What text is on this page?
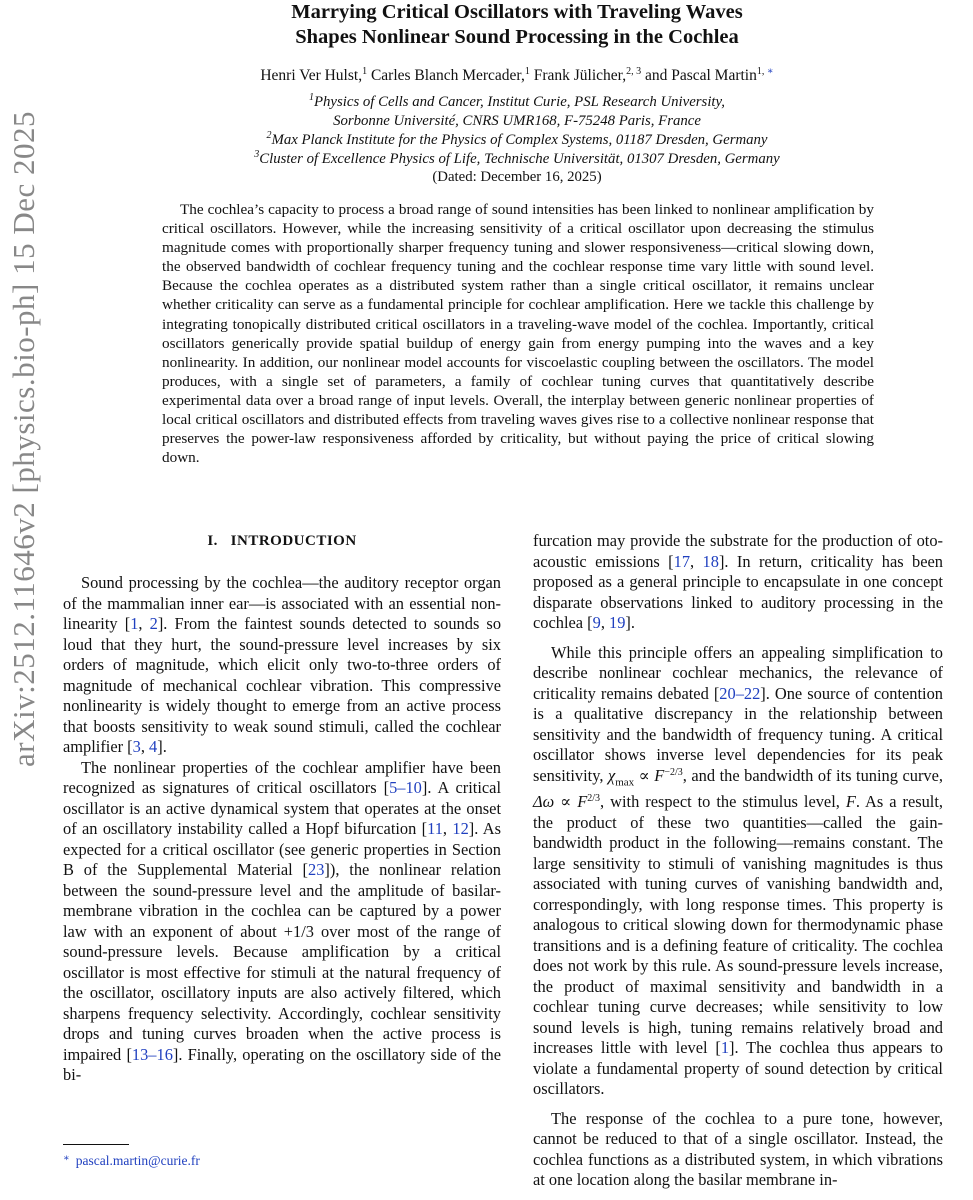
arXiv:2512.11646v2 [physics.bio-ph] 15 Dec 2025
Marrying Critical Oscillators with Traveling Waves
Shapes Nonlinear Sound Processing in the Cochlea
Henri Ver Hulst,$^1$ Carles Blanch Mercader,$^1$ Frank Jülicher,$^{2, 3}$ and Pascal Martin$^{1, ∗}$
$^1$Physics of Cells and Cancer, Institut Curie, PSL Research University,
Sorbonne Université, CNRS UMR168, F-75248 Paris, France
$^2$Max Planck Institute for the Physics of Complex Systems, 01187 Dresden, Germany
$^3$Cluster of Excellence Physics of Life, Technische Universität, 01307 Dresden, Germany
(Dated: December 16, 2025)
The cochlea’s capacity to process a broad range of sound intensities has been linked to nonlinear amplification by critical oscillators. However, while the increasing sensitivity of a critical oscillator upon decreasing the stimulus magnitude comes with proportionally sharper frequency tuning and slower responsiveness—critical slowing down, the observed bandwidth of cochlear frequency tuning and the cochlear response time vary little with sound level. Because the cochlea operates as a distributed system rather than a single critical oscillator, it remains unclear whether criticality can serve as a fundamental principle for cochlear amplification. Here we tackle this challenge by integrating tonopically distributed critical oscillators in a traveling-wave model of the cochlea. Importantly, critical oscillators generically provide spatial buildup of energy gain from energy pumping into the waves and a key nonlinearity. In addition, our nonlinear model accounts for viscoelastic coupling between the oscillators. The model produces, with a single set of parameters, a family of cochlear tuning curves that quantitatively describe experimental data over a broad range of input levels. Overall, the interplay between generic nonlinear properties of local critical oscillators and distributed effects from traveling waves gives rise to a collective nonlinear response that preserves the power-law responsiveness afforded by criticality, but without paying the price of critical slowing down.
I. INTRODUCTION

Sound processing by the cochlea—the auditory receptor organ of the mammalian inner ear—is associated with an essential non-linearity [1, 2]. From the faintest sounds detected to sounds so loud that they hurt, the sound-pressure level increases by six orders of magnitude, which elicit only two-to-three orders of magnitude of mechanical cochlear vibration. This compressive nonlinearity is widely thought to emerge from an active process that boosts sensitivity to weak sound stimuli, called the cochlear amplifier [3, 4].

The nonlinear properties of the cochlear amplifier have been recognized as signatures of critical oscillators [5–10]. A critical oscillator is an active dynamical system that operates at the onset of an oscillatory instability called a Hopf bifurcation [11, 12]. As expected for a critical oscillator (see generic properties in Section B of the Supplemental Material [23]), the nonlinear relation between the sound-pressure level and the amplitude of basilar-membrane vibration in the cochlea can be captured by a power law with an exponent of about +1/3 over most of the range of sound-pressure levels. Because amplification by a critical oscillator is most effective for stimuli at the natural frequency of the oscillator, oscillatory inputs are also actively filtered, which sharpens frequency selectivity. Accordingly, cochlear sensitivity drops and tuning curves broaden when the active process is impaired [13–16]. Finally, operating on the oscillatory side of the bi-

furcation may provide the substrate for the production of oto-acoustic emissions [17, 18]. In return, criticality has been proposed as a general principle to encapsulate in one concept disparate observations linked to auditory processing in the cochlea [9, 19].

While this principle offers an appealing simplification to describe nonlinear cochlear mechanics, the relevance of criticality remains debated [20–22]. One source of contention is a qualitative discrepancy in the relationship between sensitivity and the bandwidth of frequency tuning. A critical oscillator shows inverse level dependencies for its peak sensitivity, $\chi_{max} \propto F^{-2/3}$, and the bandwidth of its tuning curve, $\Delta\omega \propto F^{2/3}$, with respect to the stimulus level, F. As a result, the product of these two quantities—called the gain-bandwidth product in the following—remains constant. The large sensitivity to stimuli of vanishing magnitudes is thus associated with tuning curves of vanishing bandwidth and, correspondingly, with long response times. This property is analogous to critical slowing down for thermodynamic phase transitions and is a defining feature of criticality. The cochlea does not work by this rule. As sound-pressure levels increase, the product of maximal sensitivity and bandwidth in a cochlear tuning curve decreases; while sensitivity to low sound levels is high, tuning remains relatively broad and increases little with level [1]. The cochlea thus appears to violate a fundamental property of sound detection by critical oscillators.

The response of the cochlea to a pure tone, however, cannot be reduced to that of a single oscillator. Instead, the cochlea functions as a distributed system, in which vibrations at one location along the basilar membrane in-

∗ pascal.martin@curie.fr
